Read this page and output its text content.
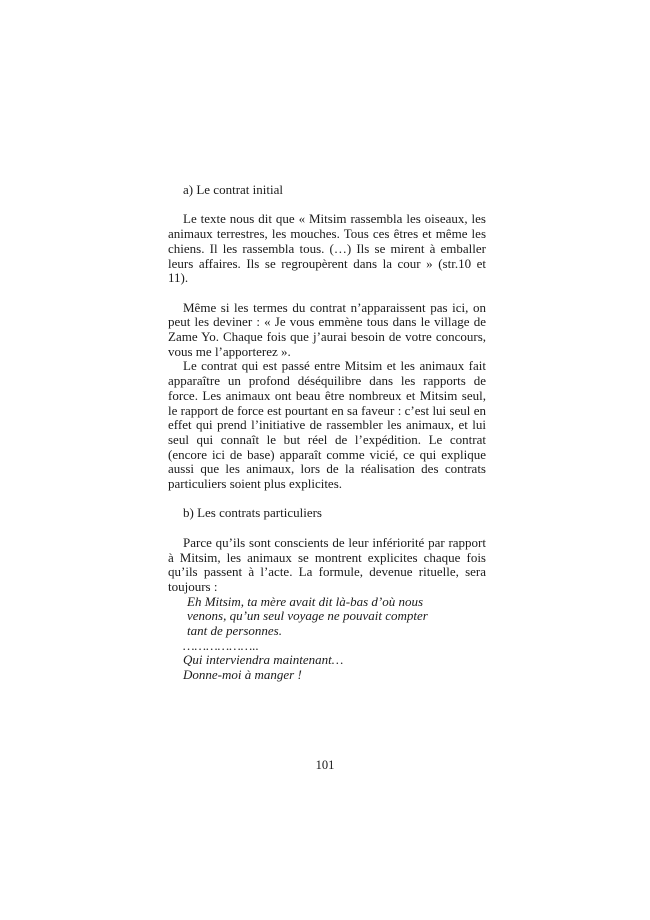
a) Le contrat initial

Le texte nous dit que « Mitsim rassembla les oiseaux, les animaux terrestres, les mouches. Tous ces êtres et même les chiens. Il les rassembla tous. (…) Ils se mirent à emballer leurs affaires. Ils se regroupèrent dans la cour » (str.10 et 11).

Même si les termes du contrat n’apparaissent pas ici, on peut les deviner : « Je vous emmène tous dans le village de Zame Yo. Chaque fois que j’aurai besoin de votre concours, vous me l’apporterez ».

Le contrat qui est passé entre Mitsim et les animaux fait apparaître un profond déséquilibre dans les rapports de force. Les animaux ont beau être nombreux et Mitsim seul, le rapport de force est pourtant en sa faveur : c’est lui seul en effet qui prend l’initiative de rassembler les animaux, et lui seul qui connaît le but réel de l’expédition. Le contrat (encore ici de base) apparaît comme vicié, ce qui explique aussi que les animaux, lors de la réalisation des contrats particuliers soient plus explicites.

b) Les contrats particuliers

Parce qu’ils sont conscients de leur infériorité par rapport à Mitsim, les animaux se montrent explicites chaque fois qu’ils passent à l’acte. La formule, devenue rituelle, sera toujours :

Eh Mitsim, ta mère avait dit là-bas d’où nous

venons, qu’un seul voyage ne pouvait compter

tant de personnes.

………………..

Qui interviendra maintenant…

Donne-moi à manger !

101
